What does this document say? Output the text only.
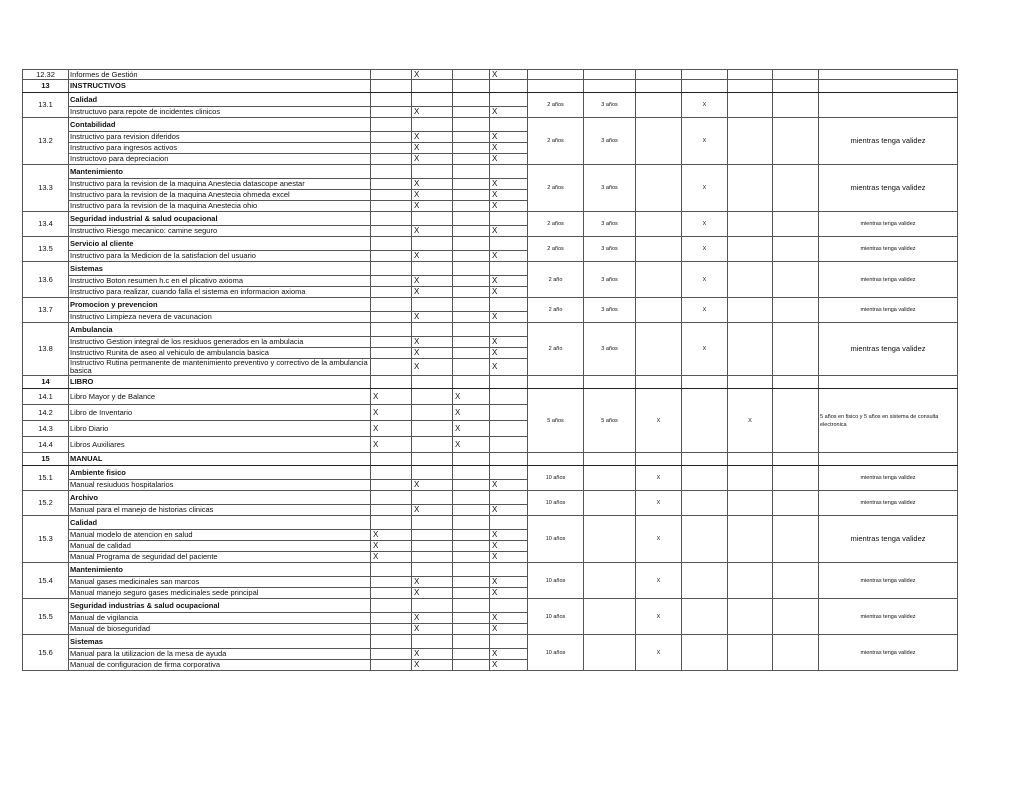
12.32	Informes de Gestión		X		X							
13	INSTRUCTIVOS											
13.1	Calidad					2 años	3 años		X			
	Instructuvo para repote de incidentes clinicos		X		X							
13.2	Contabilidad					2 años	3 años		X			mientras tenga validez
	Instructivo para revision diferidos		X		X							
	Instructivo para ingresos activos		X		X							
	Instructovo para depreciacion		X		X							
13.3	Mantenimiento					2 años	3 años		X			mientras tenga validez
	Instructivo para la revision de la maquina Anestecia datascope anestar		X		X							
	Instructivo para la revision de la maquina Anestecia ohmeda excel		X		X							
	Instructivo para la revision de la maquina Anestecia ohio		X		X							
13.4	Seguridad industrial & salud ocupacional					2 años	3 años		X			mientras tenga validez
	Instructivo Riesgo mecanico: camine seguro		X		X							
13.5	Servicio al cliente					2 años	3 años		X			mientras tenga validez
	Instructivo para la Medicion de la satisfacion del usuario		X		X							
13.6	Sistemas					2 año	3 años		X			mientras tenga validez
	Instructivo Boton resumen h.c en el plicativo axioma		X		X							
	Instructivo para realizar, cuando falla el sistema en informacion axioma		X		X							
13.7	Promocion y prevencion					2 año	3 años		X			mientras tenga validez
	Instructivo Limpieza nevera de vacunacion		X		X							
13.8	Ambulancia					2 año	3 años		X			mientras tenga validez
	Instructivo Gestion integral de los residuos generados en la ambulacia		X		X							
	Instructivo Runita de aseo al vehiculo de ambulancia basica		X		X							
	Instructivo Rutina permanente de mantenimiento preventivo y correctivo de la ambulancia basica		X		X							
14	LIBRO											
14.1	Libro Mayor y de Balance	X		X		5 años	5 años	X		X		5 años en fisico y 5 años en sistema de consulta electronica
14.2	Libro de Inventario	X		X								
14.3	Libro Diario	X		X								
14.4	Libros Auxiliares	X		X								
15	MANUAL											
15.1	Ambiente fisico					10 años		X				mientras tenga validez
	Manual resiuduos hospitalarios		X		X							
15.2	Archivo					10 años		X				mientras tenga validez
	Manual para el manejo de historias clinicas		X		X							
15.3	Calidad					10 años		X				mientras tenga validez
	Manual modelo de atencion en salud	X			X							
	Manual de calidad	X			X							
	Manual Programa de seguridad del paciente	X			X							
15.4	Mantenimiento					10 años		X				mientras tenga validez
	Manual gases medicinales san marcos		X		X							
	Manual manejo seguro gases medicinales sede principal		X		X							
15.5	Seguridad industrias & salud ocupacional					10 años		X				mientras tenga validez
	Manual de vigilancia		X		X							
	Manual de bioseguridad		X		X							
15.6	Sistemas					10 años		X				mientras tenga validez
	Manual para la utilizacion de la mesa de ayuda		X		X							
	Manual de configuracion de firma corporativa		X		X							
